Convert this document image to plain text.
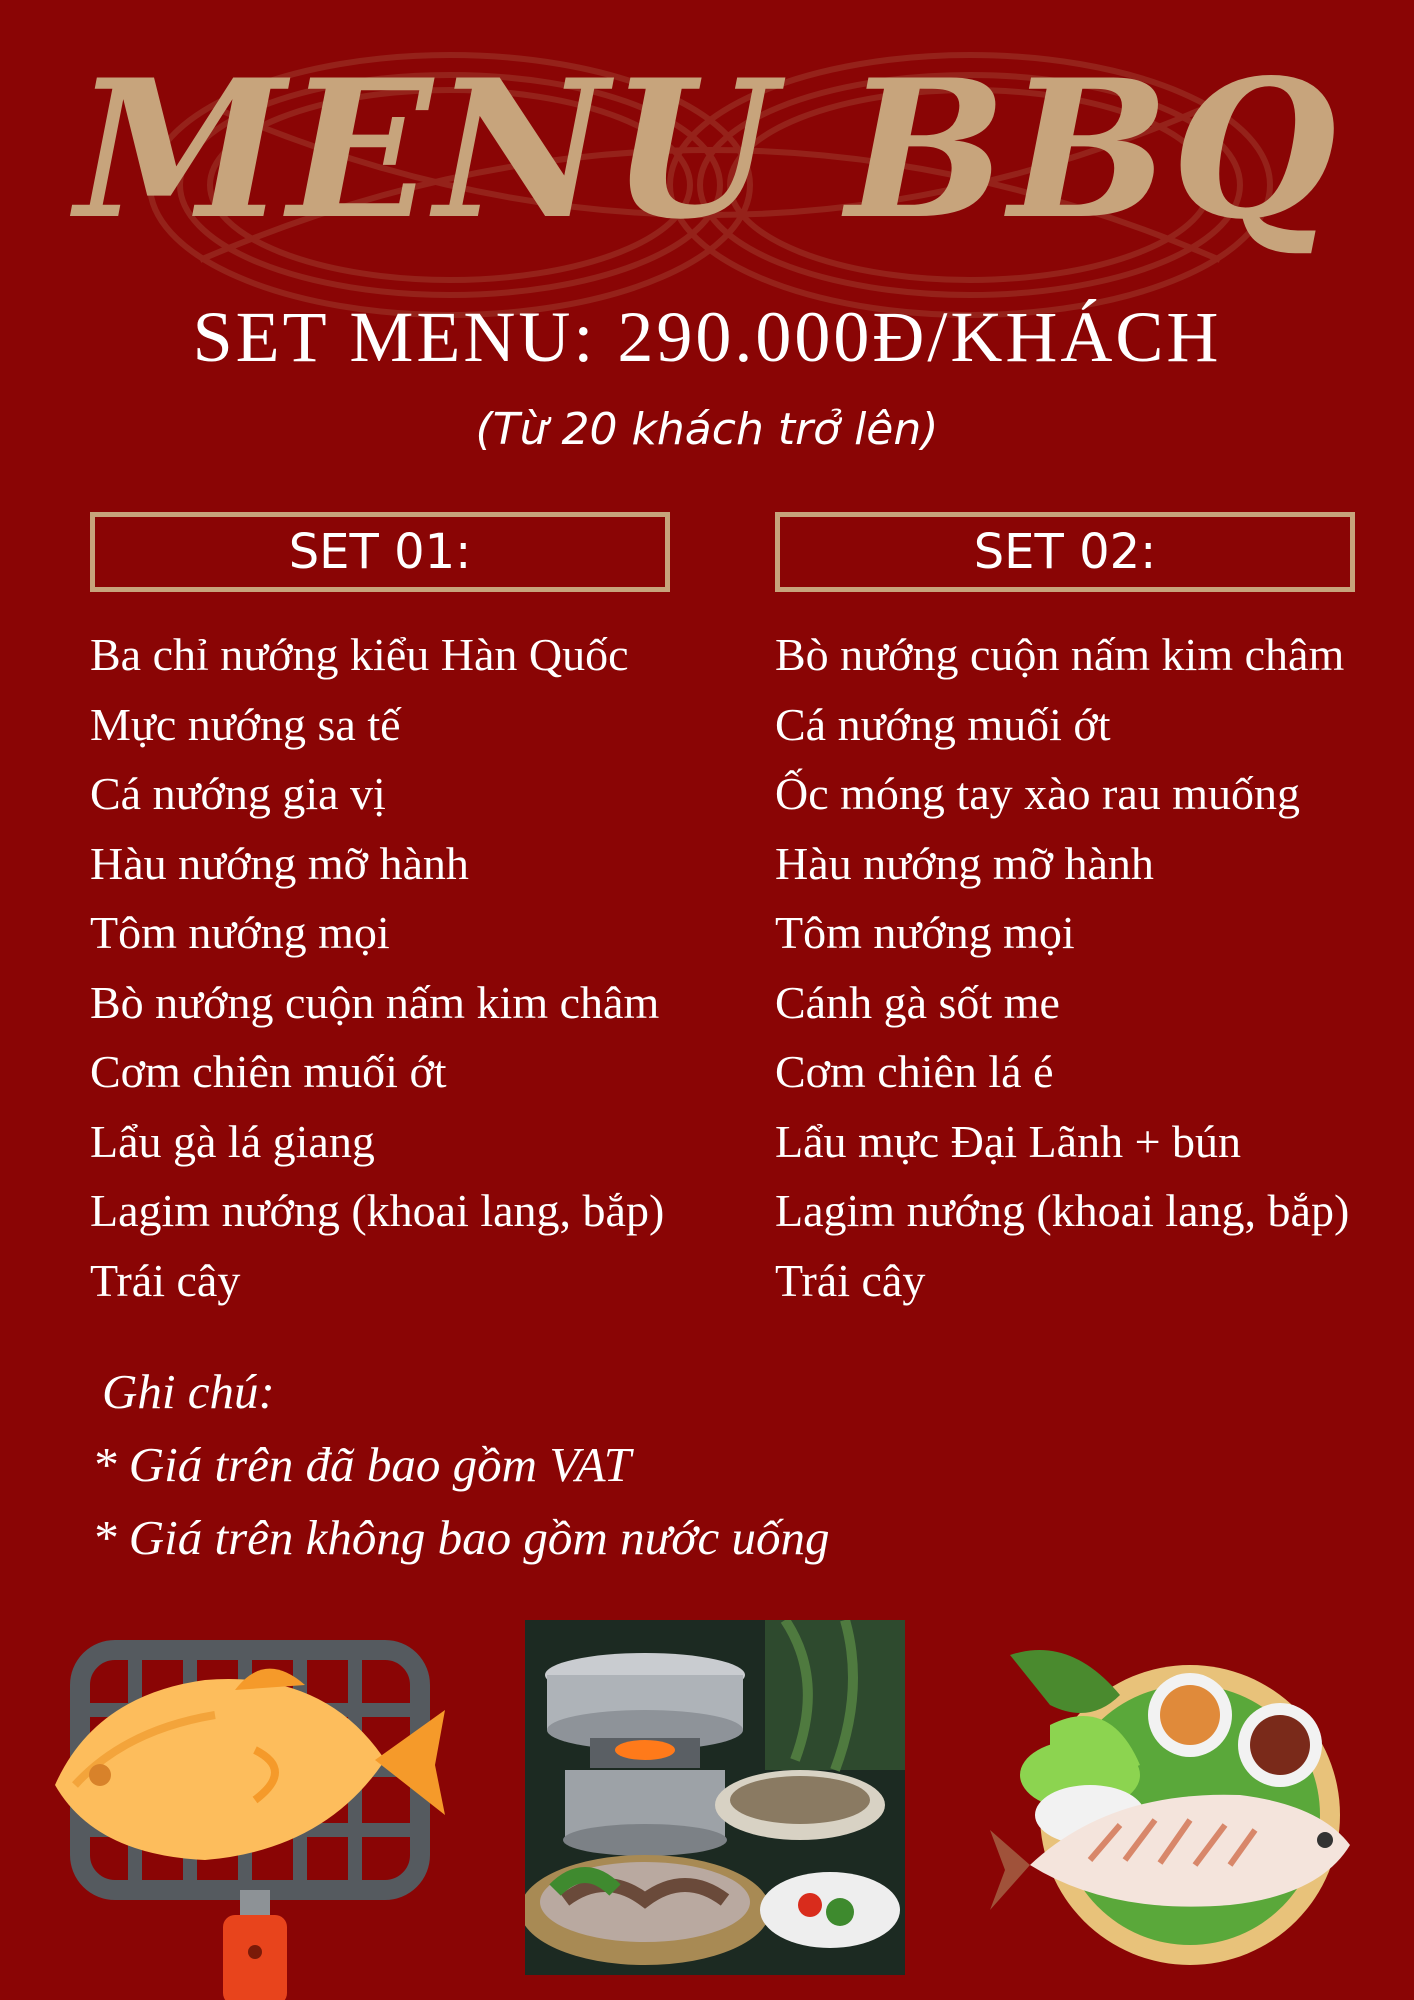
MENU BBQ
SET MENU: 290.000Đ/KHÁCH
(Từ 20 khách trở lên)
SET 01:	SET 02:
Ba chỉ nướng kiểu Hàn Quốc
Mực nướng sa tế
Cá nướng gia vị
Hàu nướng mỡ hành
Tôm nướng mọi
Bò nướng cuộn nấm kim châm
Cơm chiên muối ớt
Lẩu gà lá giang
Lagim nướng (khoai lang, bắp)
Trái cây
Bò nướng cuộn nấm kim châm
Cá nướng muối ớt
Ốc móng tay xào rau muống
Hàu nướng mỡ hành
Tôm nướng mọi
Cánh gà sốt me
Cơm chiên lá é
Lẩu mực Đại Lãnh + bún
Lagim nướng (khoai lang, bắp)
Trái cây
Ghi chú:
* Giá trên đã bao gồm VAT
* Giá trên không bao gồm nước uống
